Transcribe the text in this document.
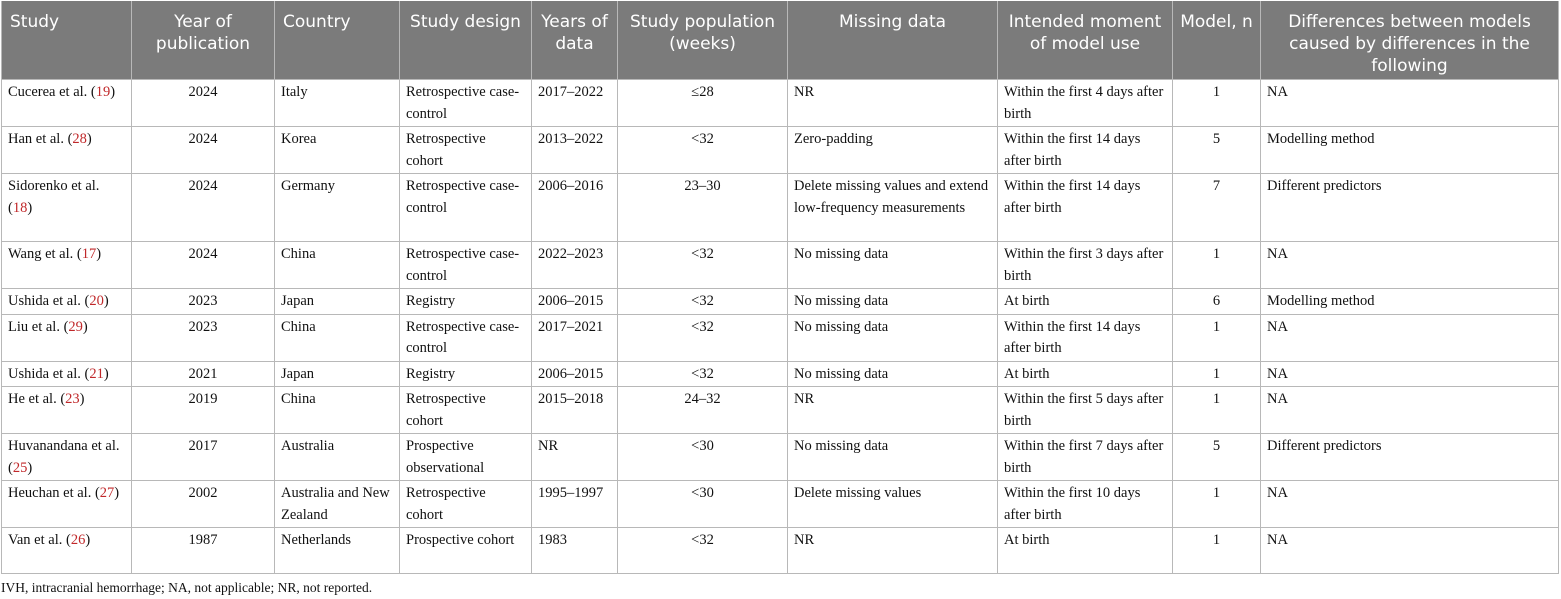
Study	Year of publication	Country	Study design	Years of data	Study population (weeks)	Missing data	Intended moment of model use	Model, n	Differences between models caused by differences in the following
Cucerea et al. (19)	2024	Italy	Retrospective case-control	2017–2022	≤28	NR	Within the first 4 days after birth	1	NA
Han et al. (28)	2024	Korea	Retrospective cohort	2013–2022	<32	Zero-padding	Within the first 14 days after birth	5	Modelling method
Sidorenko et al. (18)	2024	Germany	Retrospective case-control	2006–2016	23–30	Delete missing values and extend low-frequency measurements	Within the first 14 days after birth	7	Different predictors
Wang et al. (17)	2024	China	Retrospective case-control	2022–2023	<32	No missing data	Within the first 3 days after birth	1	NA
Ushida et al. (20)	2023	Japan	Registry	2006–2015	<32	No missing data	At birth	6	Modelling method
Liu et al. (29)	2023	China	Retrospective case-control	2017–2021	<32	No missing data	Within the first 14 days after birth	1	NA
Ushida et al. (21)	2021	Japan	Registry	2006–2015	<32	No missing data	At birth	1	NA
He et al. (23)	2019	China	Retrospective cohort	2015–2018	24–32	NR	Within the first 5 days after birth	1	NA
Huvanandana et al. (25)	2017	Australia	Prospective observational	NR	<30	No missing data	Within the first 7 days after birth	5	Different predictors
Heuchan et al. (27)	2002	Australia and New Zealand	Retrospective cohort	1995–1997	<30	Delete missing values	Within the first 10 days after birth	1	NA
Van et al. (26)	1987	Netherlands	Prospective cohort	1983	<32	NR	At birth	1	NA
IVH, intracranial hemorrhage; NA, not applicable; NR, not reported.
